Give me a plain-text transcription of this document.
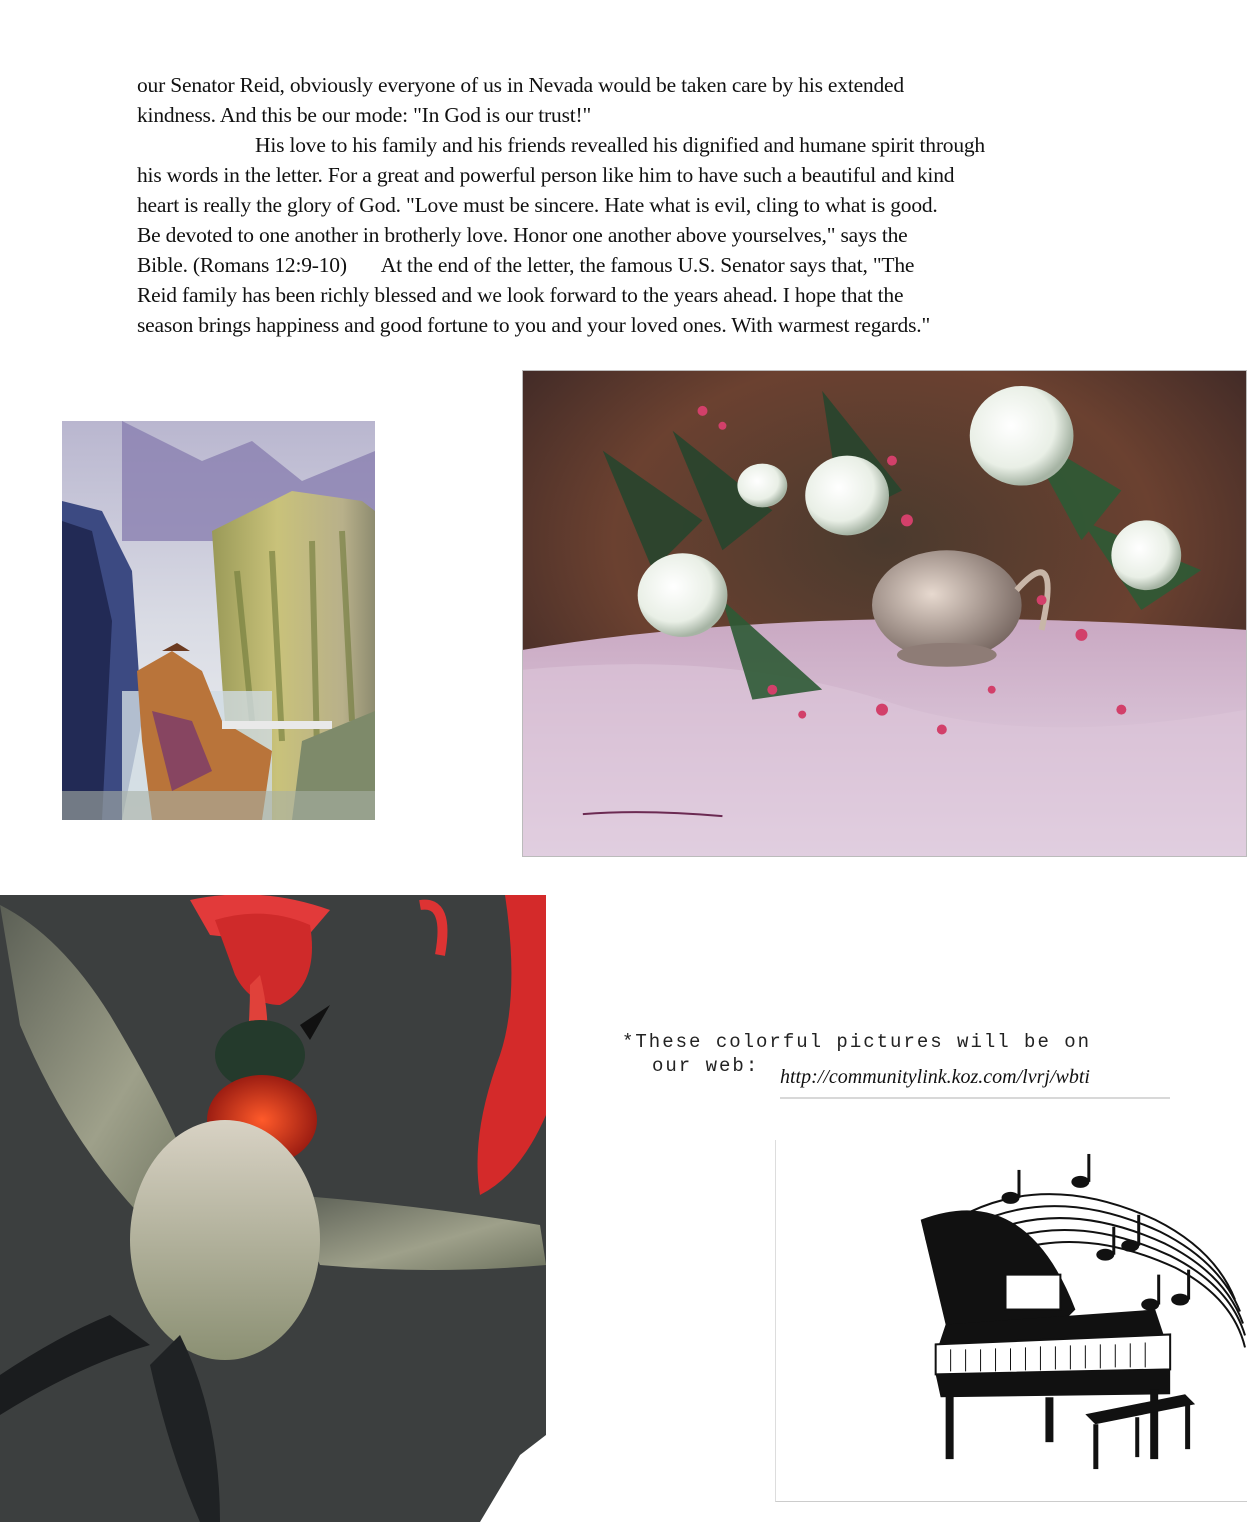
our Senator Reid, obviously everyone of us in Nevada would be taken care by his extended

kindness. And this be our mode: "In God is our trust!"

His love to his family and his friends revealled his dignified and humane spirit through

his words in the letter. For a great and powerful person like him to have such a beautiful and kind

heart is really the glory of God. "Love must be sincere. Hate what is evil, cling to what is good.

Be devoted to one another in brotherly love. Honor one another above yourselves," says the

Bible. (Romans 12:9-10) At the end of the letter, the famous U.S. Senator says that, "The

Reid family has been richly blessed and we look forward to the years ahead. I hope that the

season brings happiness and good fortune to you and your loved ones. With warmest regards."

*These colorful pictures will be on
our web:	http://communitylink.koz.com/lvrj/wbti
